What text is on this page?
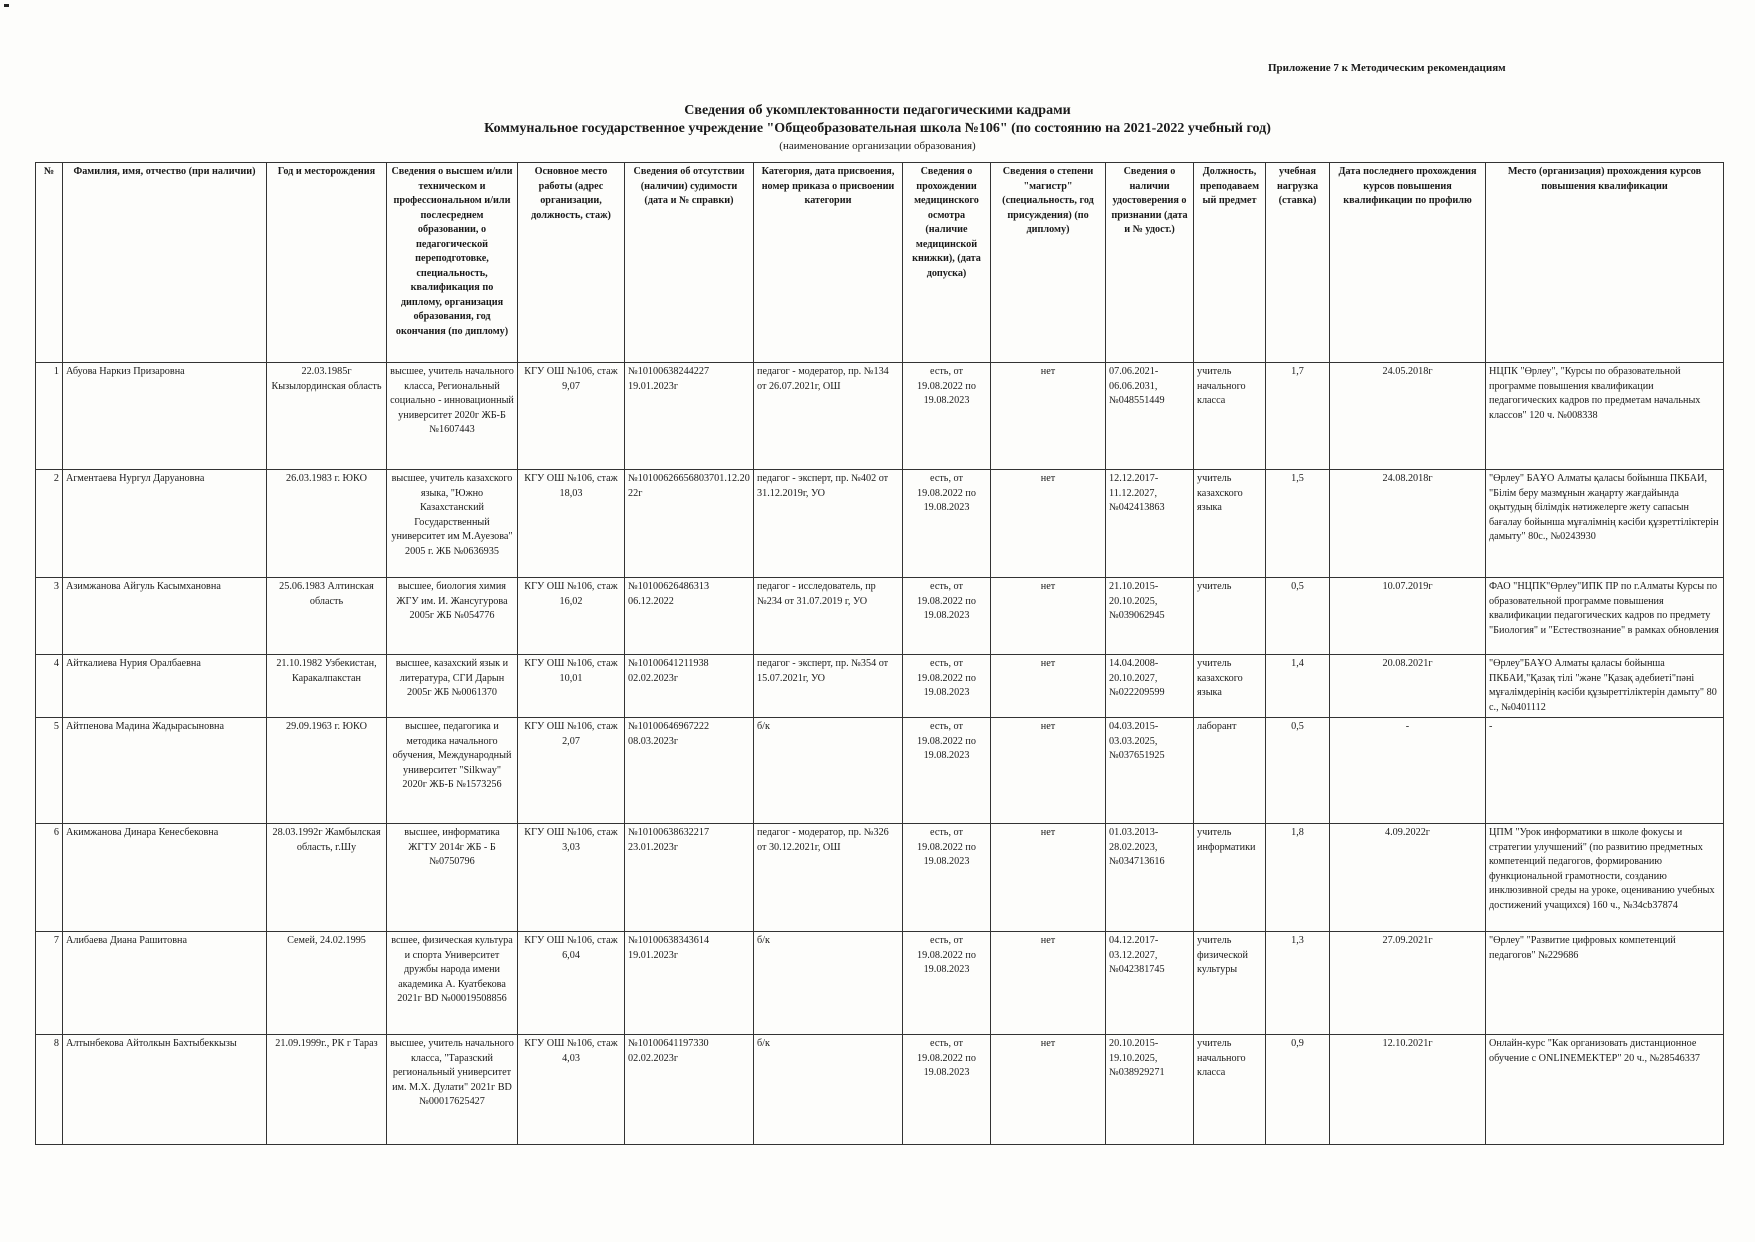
Приложение 7 к Методическим рекомендациям
Сведения об укомплектованности педагогическими кадрами
Коммунальное государственное учреждение "Общеобразовательная школа №106" (по состоянию на 2021-2022 учебный год)
(наименование организации образования)
№	Фамилия, имя, отчество (при наличии)	Год и месторождения	Сведения о высшем и/или техническом и профессиональном и/или послесреднем образовании, о педагогической переподготовке, специальность, квалификация по диплому, организация образования, год окончания (по диплому)	Основное место работы (адрес организации, должность, стаж)	Сведения об отсутствии (наличии) судимости (дата и № справки)	Категория, дата присвоения, номер приказа о присвоении категории	Сведения о прохождении медицинского осмотра (наличие медицинской книжки), (дата допуска)	Сведения о степени "магистр" (специальность, год присуждения) (по диплому)	Сведения о наличии удостоверения о признании (дата и № удост.)	Должность, преподаваемый предмет	учебная нагрузка (ставка)	Дата последнего прохождения курсов повышения квалификации по профилю	Место (организация) прохождения курсов повышения квалификации
1	Абуова Наркиз Призаровна	22.03.1985г Кызылординская область	высшее, учитель начального класса, Региональный социально - инновационный университет 2020г ЖБ-Б №1607443	КГУ ОШ №106, стаж 9,07	№10100638244227 19.01.2023г	педагог - модератор, пр. №134 от 26.07.2021г, ОШ	есть, от 19.08.2022 по 19.08.2023	нет	07.06.2021-06.06.2031, №048551449	учитель начального класса	1,7	24.05.2018г	НЦПК "Өрлеу", "Курсы по образовательной программе повышения квалификации педагогических кадров по предметам начальных классов" 120 ч. №008338
2	Агментаева Нургул Даруановна	26.03.1983 г. ЮКО	высшее, учитель казахского языка, "Южно Казахстанский Государственный университет им М.Ауезова" 2005 г. ЖБ №0636935	КГУ ОШ №106, стаж 18,03	№10100626656803701.12.2022г	педагог - эксперт, пр. №402 от 31.12.2019г, УО	есть, от 19.08.2022 по 19.08.2023	нет	12.12.2017-11.12.2027, №042413863	учитель казахского языка	1,5	24.08.2018г	"Өрлеу" БАҰО Алматы қаласы бойынша ПКБАИ, "Білім беру мазмұнын жаңарту жағдайында оқытудың білімдік нәтижелерге жету сапасын бағалау бойынша мұғалімнің кәсіби құзреттіліктерін дамыту" 80с., №0243930
3	Азимжанова Айгуль Касымхановна	25.06.1983 Алтинская область	высшее, биология химия ЖГУ им. И. Жансугурова 2005г ЖБ №054776	КГУ ОШ №106, стаж 16,02	№10100626486313 06.12.2022	педагог - исследователь, пр №234 от 31.07.2019 г, УО	есть, от 19.08.2022 по 19.08.2023	нет	21.10.2015-20.10.2025, №039062945	учитель	0,5	10.07.2019г	ФАО "НЦПК"Өрлеу"ИПК ПР по г.Алматы Курсы по образовательной программе повышения квалификации педагогических кадров по предмету "Биология" и "Естествознание" в рамках обновления
4	Айткалиева Нурия Оралбаевна	21.10.1982 Узбекистан, Каракалпакстан	высшее, казахский язык и литература, СГИ Дарын 2005г ЖБ №0061370	КГУ ОШ №106, стаж 10,01	№10100641211938 02.02.2023г	педагог - эксперт, пр. №354 от 15.07.2021г, УО	есть, от 19.08.2022 по 19.08.2023	нет	14.04.2008-20.10.2027, №022209599	учитель казахского языка	1,4	20.08.2021г	"Өрлеу"БАҰО Алматы қаласы бойынша ПКБАИ,"Қазақ тілі "және "Қазақ әдебиеті"пәні мұғалімдерінің кәсіби құзыреттіліктерін дамыту" 80 с., №0401112
5	Айтпенова Мадина Жадырасыновна	29.09.1963 г. ЮКО	высшее, педагогика и методика начального обучения, Международный университет "Silkway" 2020г ЖБ-Б №1573256	КГУ ОШ №106, стаж 2,07	№10100646967222 08.03.2023г	б/к	есть, от 19.08.2022 по 19.08.2023	нет	04.03.2015-03.03.2025, №037651925	лаборант	0,5	-	-
6	Акимжанова Динара Кенесбековна	28.03.1992г Жамбылская область, г.Шу	высшее, информатика ЖГТУ 2014г ЖБ - Б №0750796	КГУ ОШ №106, стаж 3,03	№10100638632217 23.01.2023г	педагог - модератор, пр. №326 от 30.12.2021г, ОШ	есть, от 19.08.2022 по 19.08.2023	нет	01.03.2013-28.02.2023, №034713616	учитель информатики	1,8	4.09.2022г	ЦПМ "Урок информатики в школе фокусы и стратегии улучшений" (по развитию предметных компетенций педагогов, формированию функциональной грамотности, созданию инклюзивной среды на уроке, оцениванию учебных достижений учащихся) 160 ч., №34cb37874
7	Алибаева Диана Рашитовна	Семей, 24.02.1995	всшее, физическая культура и спорта Университет дружбы народа имени академика А. Куатбекова 2021г BD №00019508856	КГУ ОШ №106, стаж 6,04	№10100638343614 19.01.2023г	б/к	есть, от 19.08.2022 по 19.08.2023	нет	04.12.2017-03.12.2027, №042381745	учитель физической культуры	1,3	27.09.2021г	"Өрлеу" "Развитие цифровых компетенций педагогов" №229686
8	Алтынбекова Айтолкын Бахтыбеккызы	21.09.1999г., РК г Тараз	высшее, учитель начального класса, "Таразский региональный университет им. М.Х. Дулати" 2021г BD №00017625427	КГУ ОШ №106, стаж 4,03	№10100641197330 02.02.2023г	б/к	есть, от 19.08.2022 по 19.08.2023	нет	20.10.2015-19.10.2025, №038929271	учитель начального класса	0,9	12.10.2021г	Онлайн-курс "Как организовать дистанционное обучение с ONLINEMEKTEP" 20 ч., №28546337
